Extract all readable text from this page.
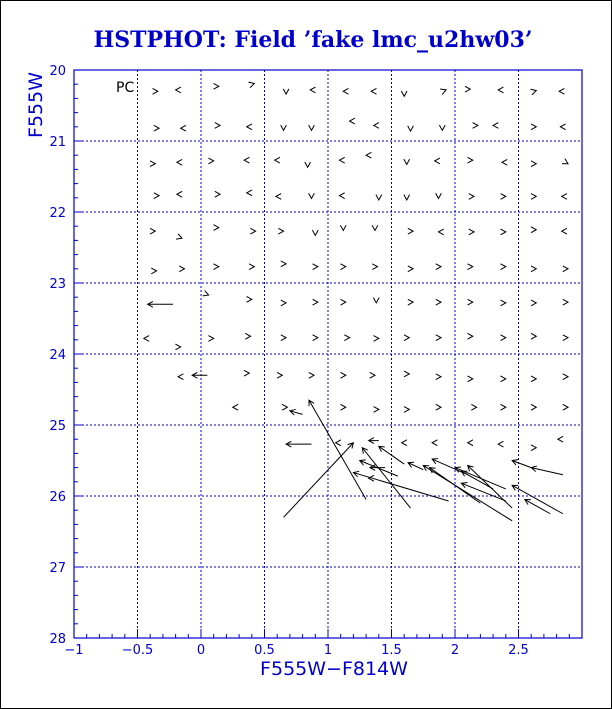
HSTPHOT: Field ’fake lmc_u2hw03’
−1	−0.5	0	0.5	1	1.5	2	2.5
20
21
22
23
24
25
26
27
28
PC
F555W−F814W
F555W
